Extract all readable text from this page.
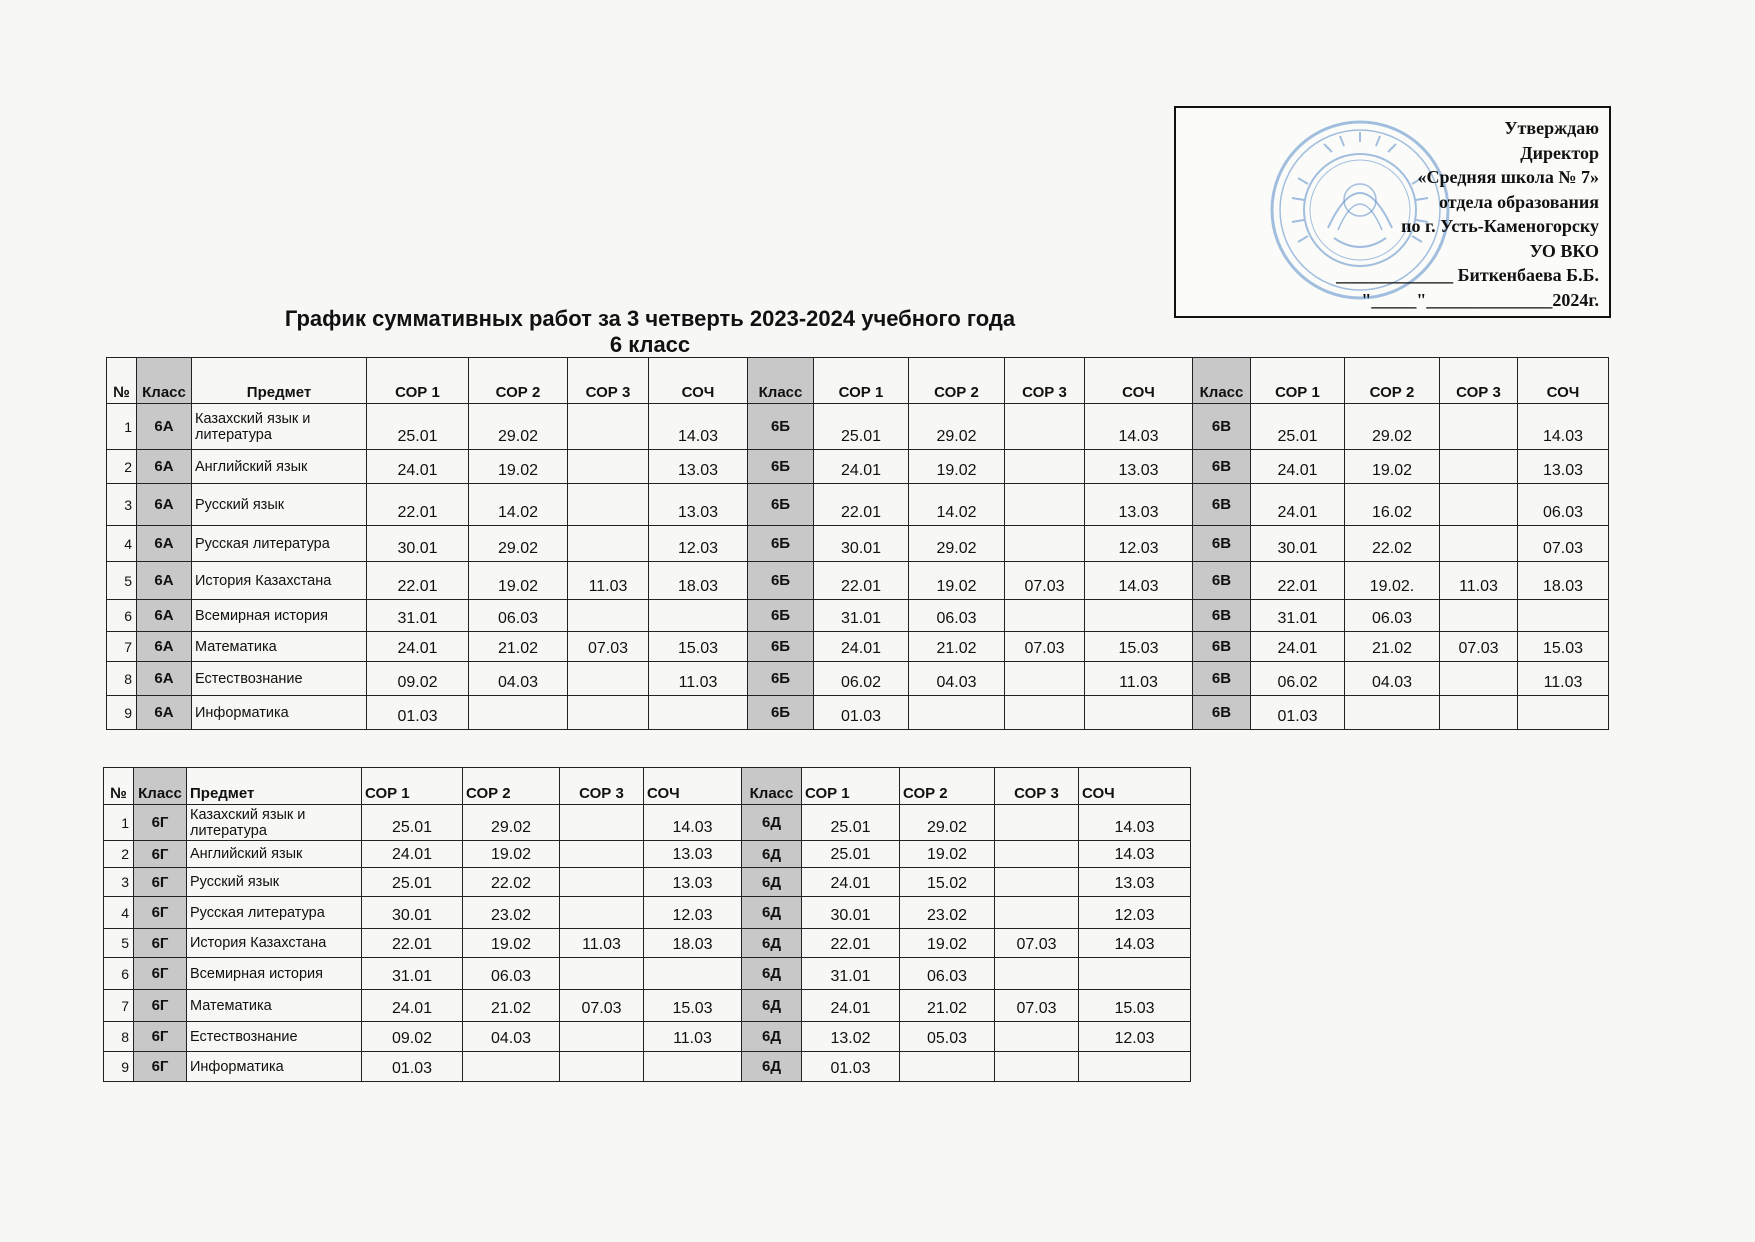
Утверждаю
Директор
«Средняя школа № 7»
отдела образования
по г. Усть-Каменогорску
УО ВКО
_____________ Биткенбаева Б.Б.
"_____"______________2024г.
График суммативных работ за 3 четверть 2023-2024 учебного года
6 класс
№	Класс	Предмет	СОР 1	СОР 2	СОР 3	СОЧ	Класс	СОР 1	СОР 2	СОР 3	СОЧ	Класс	СОР 1	СОР 2	СОР 3	СОЧ
1	6А	Казахский язык и литература	25.01	29.02		14.03	6Б	25.01	29.02		14.03	6В	25.01	29.02		14.03
2	6А	Английский язык	24.01	19.02		13.03	6Б	24.01	19.02		13.03	6В	24.01	19.02		13.03
3	6А	Русский язык	22.01	14.02		13.03	6Б	22.01	14.02		13.03	6В	24.01	16.02		06.03
4	6А	Русская литература	30.01	29.02		12.03	6Б	30.01	29.02		12.03	6В	30.01	22.02		07.03
5	6А	История Казахстана	22.01	19.02	11.03	18.03	6Б	22.01	19.02	07.03	14.03	6В	22.01	19.02.	11.03	18.03
6	6А	Всемирная история	31.01	06.03			6Б	31.01	06.03			6В	31.01	06.03		
7	6А	Математика	24.01	21.02	07.03	15.03	6Б	24.01	21.02	07.03	15.03	6В	24.01	21.02	07.03	15.03
8	6А	Естествознание	09.02	04.03		11.03	6Б	06.02	04.03		11.03	6В	06.02	04.03		11.03
9	6А	Информатика	01.03				6Б	01.03				6В	01.03			
№	Класс	Предмет	СОР 1	СОР 2	СОР 3	СОЧ	Класс	СОР 1	СОР 2	СОР 3	СОЧ
1	6Г	Казахский язык и литература	25.01	29.02		14.03	6Д	25.01	29.02		14.03
2	6Г	Английский язык	24.01	19.02		13.03	6Д	25.01	19.02		14.03
3	6Г	Русский язык	25.01	22.02		13.03	6Д	24.01	15.02		13.03
4	6Г	Русская литература	30.01	23.02		12.03	6Д	30.01	23.02		12.03
5	6Г	История Казахстана	22.01	19.02	11.03	18.03	6Д	22.01	19.02	07.03	14.03
6	6Г	Всемирная история	31.01	06.03			6Д	31.01	06.03		
7	6Г	Математика	24.01	21.02	07.03	15.03	6Д	24.01	21.02	07.03	15.03
8	6Г	Естествознание	09.02	04.03		11.03	6Д	13.02	05.03		12.03
9	6Г	Информатика	01.03				6Д	01.03			
